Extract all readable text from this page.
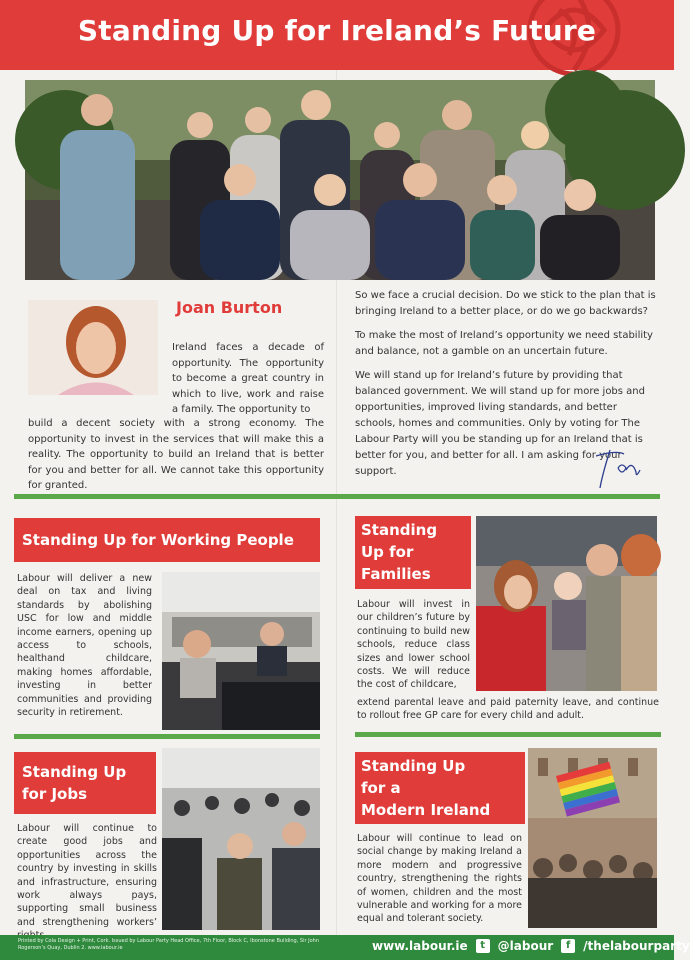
Standing Up for Ireland’s Future
Joan Burton
Ireland faces a decade of opportunity. The opportunity to become a great country in which to live, work and raise a family. The opportunity to
build a decent society with a strong economy. The opportunity to invest in the services that will make this a reality. The opportunity to build an Ireland that is better for you and better for all. We cannot take this opportunity for granted.

So we face a crucial decision. Do we stick to the plan that is bringing Ireland to a better place, or do we go backwards?

To make the most of Ireland’s opportunity we need stability and balance, not a gamble on an uncertain future.

We will stand up for Ireland’s future by providing that balanced government. We will stand up for more jobs and opportunities, improved living standards, and better schools, homes and communities. Only by voting for The Labour Party will you be standing up for an Ireland that is better for you, and better for all. I am asking for your support.

Standing Up for Working People
Labour will deliver a new deal on tax and living standards by abolishing USC for low and middle income earners, opening up access to schools, healthand childcare, making homes affordable, investing in better communities and providing security in retirement.
Standing
Up for
Families
Labour will invest in our children’s future by continuing to build new schools, reduce class sizes and lower school costs. We will reduce the cost of childcare,
extend parental leave and paid paternity leave, and continue to rollout free GP care for every child and adult.
Standing Up
for Jobs
Labour will continue to create good jobs and opportunities across the country by investing in skills and infrastructure, ensuring work always pays, supporting small business and strengthening workers’
Standing Up
for a
Modern Ireland
Labour will continue to lead on social change by making Ireland a more modern and progressive country, strengthening the rights of women, children and the most vulnerable and working for a more equal and tolerant society.
Printed by Cola Design + Print, Cork. Issued by Labour Party Head Office, 7th Floor, Block C, Ibonstone Building, Sir John Rogerson’s Quay, Dublin 2. www.labour.ie	www.labour.ie	t	@labour	f	/thelabourparty
